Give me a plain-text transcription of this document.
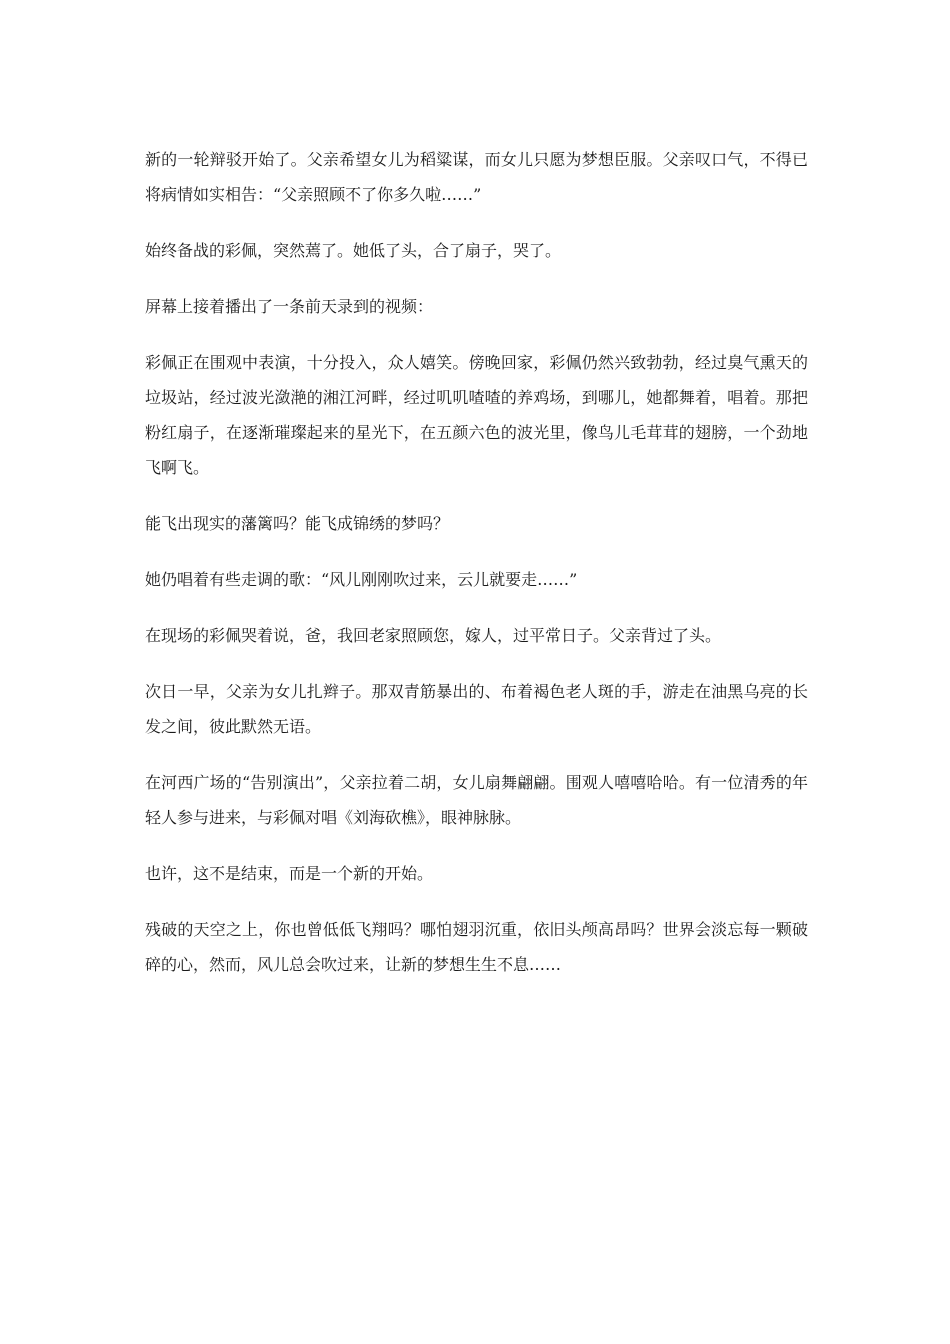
新的一轮辩驳开始了。父亲希望女儿为稻粱谋，而女儿只愿为梦想臣服。父亲叹口气，不得已将病情如实相告：“父亲照顾不了你多久啦……”

始终备战的彩佩，突然蔫了。她低了头，合了扇子，哭了。

屏幕上接着播出了一条前天录到的视频：

彩佩正在围观中表演，十分投入，众人嬉笑。傍晚回家，彩佩仍然兴致勃勃，经过臭气熏天的垃圾站，经过波光潋滟的湘江河畔，经过叽叽喳喳的养鸡场，到哪儿，她都舞着，唱着。那把粉红扇子，在逐渐璀璨起来的星光下，在五颜六色的波光里，像鸟儿毛茸茸的翅膀，一个劲地飞啊飞。

能飞出现实的藩篱吗？能飞成锦绣的梦吗？

她仍唱着有些走调的歌：“风儿刚刚吹过来，云儿就要走……”

在现场的彩佩哭着说，爸，我回老家照顾您，嫁人，过平常日子。父亲背过了头。

次日一早，父亲为女儿扎辫子。那双青筋暴出的、布着褐色老人斑的手，游走在油黑乌亮的长发之间，彼此默然无语。

在河西广场的“告别演出”，父亲拉着二胡，女儿扇舞翩翩。围观人嘻嘻哈哈。有一位清秀的年轻人参与进来，与彩佩对唱《刘海砍樵》，眼神脉脉。

也许，这不是结束，而是一个新的开始。

残破的天空之上，你也曾低低飞翔吗？哪怕翅羽沉重，依旧头颅高昂吗？世界会淡忘每一颗破碎的心，然而，风儿总会吹过来，让新的梦想生生不息……
